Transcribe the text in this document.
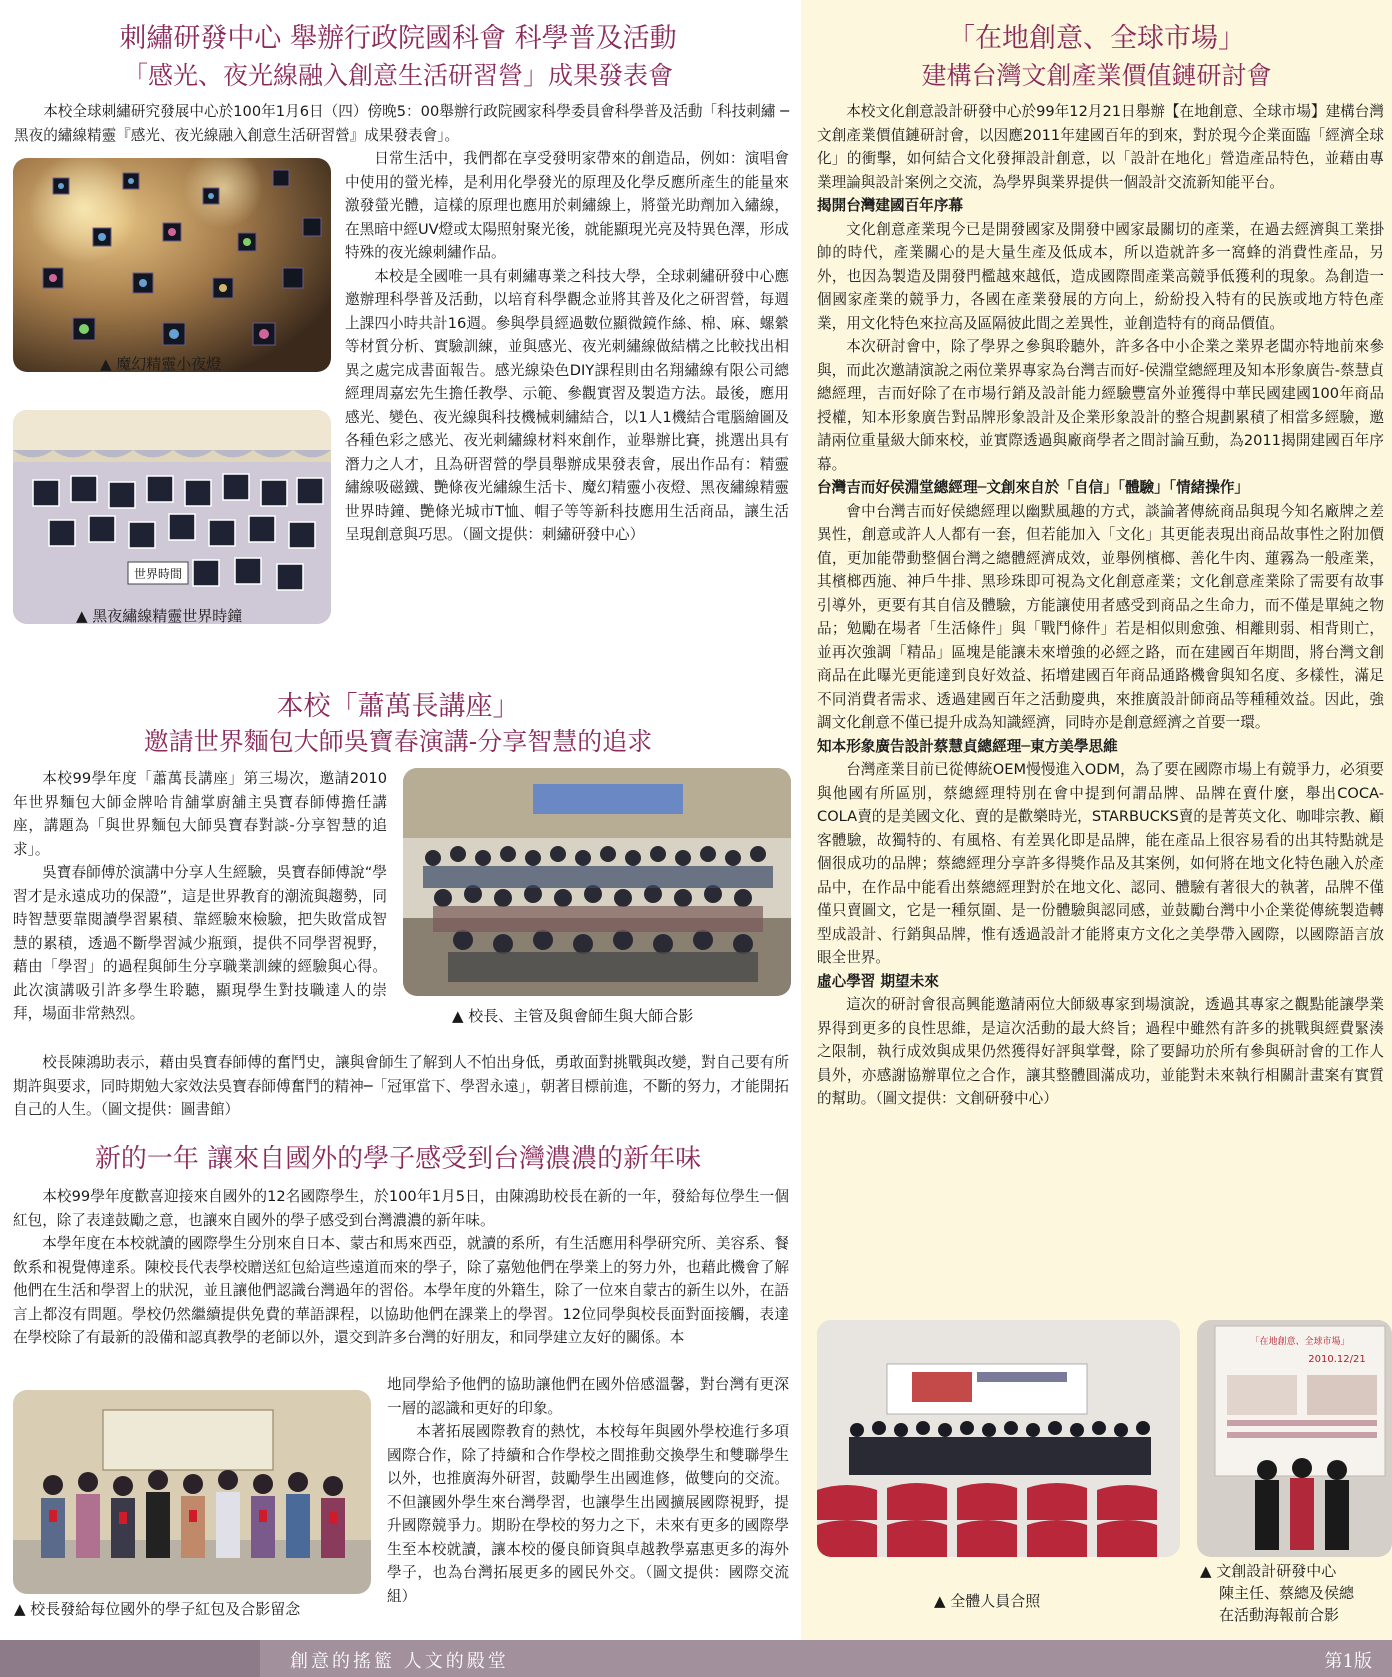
刺繡研發中心 舉辦行政院國科會 科學普及活動
「感光、夜光線融入創意生活研習營」成果發表會

本校全球刺繡研究發展中心於100年1月6日（四）傍晚5：00舉辦行政院國家科學委員會科學普及活動「科技刺繡 ─黑夜的繡線精靈『感光、夜光線融入創意生活研習營』成果發表會」。

▲ 魔幻精靈小夜燈
世界時間
▲ 黑夜繡線精靈世界時鐘

日常生活中，我們都在享受發明家帶來的創造品，例如：演唱會中使用的螢光棒，是利用化學發光的原理及化學反應所產生的能量來激發螢光體，這樣的原理也應用於刺繡線上，將螢光助劑加入繡線，在黑暗中經UV燈或太陽照射聚光後，就能顯現光亮及特異色澤，形成特殊的夜光線刺繡作品。

本校是全國唯一具有刺繡專業之科技大學，全球刺繡研發中心應邀辦理科學普及活動，以培育科學觀念並將其普及化之研習營，每週上課四小時共計16週。參與學員經過數位顯微鏡作絲、棉、麻、螺縈等材質分析、實驗訓練，並與感光、夜光刺繡線做結構之比較找出相異之處完成書面報告。感光線染色DIY課程則由名翔繡線有限公司總經理周嘉宏先生擔任教學、示範、參觀實習及製造方法。最後，應用感光、變色、夜光線與科技機械刺繡結合，以1人1機結合電腦繪圖及各種色彩之感光、夜光刺繡線材料來創作，並舉辦比賽，挑選出具有潛力之人才，且為研習營的學員舉辦成果發表會，展出作品有：精靈繡線吸磁鐵、艷條夜光繡線生活卡、魔幻精靈小夜燈、黑夜繡線精靈世界時鐘、艷條光城市T恤、帽子等等新科技應用生活商品，讓生活呈現創意與巧思。（圖文提供：刺繡研發中心）

本校「蕭萬長講座」
邀請世界麵包大師吳寶春演講-分享智慧的追求

本校99學年度「蕭萬長講座」第三場次，邀請2010年世界麵包大師金牌哈肯舖掌廚舖主吳寶春師傅擔任講座，講題為「與世界麵包大師吳寶春對談-分享智慧的追求」。

吳寶春師傅於演講中分享人生經驗，吳寶春師傅說“學習才是永遠成功的保證”，這是世界教育的潮流與趨勢，同時智慧要靠閱讀學習累積、靠經驗來檢驗，把失敗當成智慧的累積，透過不斷學習減少瓶頸，提供不同學習視野，藉由「學習」的過程與師生分享職業訓練的經驗與心得。此次演講吸引許多學生聆聽，顯現學生對技職達人的崇拜，場面非常熱烈。	▲ 校長、主管及與會師生與大師合影

校長陳鴻助表示，藉由吳寶春師傅的奮鬥史，讓與會師生了解到人不怕出身低，勇敢面對挑戰與改變，對自己要有所期許與要求，同時期勉大家效法吳寶春師傅奮鬥的精神─「冠軍當下、學習永遠」，朝著目標前進，不斷的努力，才能開拓自己的人生。（圖文提供：圖書館）

新的一年 讓來自國外的學子感受到台灣濃濃的新年味

本校99學年度歡喜迎接來自國外的12名國際學生，於100年1月5日，由陳鴻助校長在新的一年，發給每位學生一個紅包，除了表達鼓勵之意，也讓來自國外的學子感受到台灣濃濃的新年味。

本學年度在本校就讀的國際學生分別來自日本、蒙古和馬來西亞，就讀的系所，有生活應用科學研究所、美容系、餐飲系和視覺傳達系。陳校長代表學校贈送紅包給這些遠道而來的學子，除了嘉勉他們在學業上的努力外，也藉此機會了解他們在生活和學習上的狀況，並且讓他們認識台灣過年的習俗。本學年度的外籍生，除了一位來自蒙古的新生以外，在語言上都沒有問題。學校仍然繼續提供免費的華語課程，以協助他們在課業上的學習。12位同學與校長面對面接觸，表達在學校除了有最新的設備和認真教學的老師以外，還交到許多台灣的好朋友，和同學建立友好的關係。本

▲ 校長發給每位國外的學子紅包及合影留念

地同學給予他們的協助讓他們在國外倍感溫馨，對台灣有更深一層的認識和更好的印象。

本著拓展國際教育的熱忱，本校每年與國外學校進行多項國際合作，除了持續和合作學校之間推動交換學生和雙聯學生以外，也推廣海外研習，鼓勵學生出國進修，做雙向的交流。不但讓國外學生來台灣學習，也讓學生出國擴展國際視野，提升國際競爭力。期盼在學校的努力之下，未來有更多的國際學生至本校就讀，讓本校的優良師資與卓越教學嘉惠更多的海外學子，也為台灣拓展更多的國民外交。（圖文提供：國際交流組）

「在地創意、全球市場」
建構台灣文創產業價值鏈研討會

本校文化創意設計研發中心於99年12月21日舉辦【在地創意、全球市場】建構台灣文創產業價值鏈研討會，以因應2011年建國百年的到來，對於現今企業面臨「經濟全球化」的衝擊，如何結合文化發揮設計創意，以「設計在地化」營造產品特色，並藉由專業理論與設計案例之交流，為學界與業界提供一個設計交流新知能平台。

揭開台灣建國百年序幕

文化創意產業現今已是開發國家及開發中國家最關切的產業，在過去經濟與工業掛帥的時代，產業關心的是大量生產及低成本，所以造就許多一窩蜂的消費性產品，另外，也因為製造及開發門檻越來越低，造成國際間產業高競爭低獲利的現象。為創造一個國家產業的競爭力，各國在產業發展的方向上，紛紛投入特有的民族或地方特色產業，用文化特色來拉高及區隔彼此間之差異性，並創造特有的商品價值。

本次研討會中，除了學界之參與聆聽外，許多各中小企業之業界老闆亦特地前來參與，而此次邀請演說之兩位業界專家為台灣吉而好-侯淵堂總經理及知本形象廣告-蔡慧貞總經理，吉而好除了在市場行銷及設計能力經驗豐富外並獲得中華民國建國100年商品授權，知本形象廣告對品牌形象設計及企業形象設計的整合規劃累積了相當多經驗，邀請兩位重量級大師來校，並實際透過與廠商學者之間討論互動，為2011揭開建國百年序幕。

台灣吉而好侯淵堂總經理─文創來自於「自信」「體驗」「情緒操作」

會中台灣吉而好侯總經理以幽默風趣的方式，談論著傳統商品與現今知名廠牌之差異性，創意或許人人都有一套，但若能加入「文化」其更能表現出商品故事性之附加價值，更加能帶動整個台灣之總體經濟成效，並舉例檳榔、善化牛肉、蓮霧為一般產業，其檳榔西施、神戶牛排、黑珍珠即可視為文化創意產業；文化創意產業除了需要有故事引導外，更要有其自信及體驗，方能讓使用者感受到商品之生命力，而不僅是單純之物品；勉勵在場者「生活條件」與「戰鬥條件」若是相似則愈強、相離則弱、相背則亡，並再次強調「精品」區塊是能讓未來增強的必經之路，而在建國百年期間，將台灣文創商品在此曝光更能達到良好效益、拓增建國百年商品通路機會與知名度、多樣性，滿足不同消費者需求、透過建國百年之活動慶典，來推廣設計師商品等種種效益。因此，強調文化創意不僅已提升成為知識經濟，同時亦是創意經濟之首要一環。

知本形象廣告設計蔡慧貞總經理─東方美學思維

台灣產業目前已從傳統OEM慢慢進入ODM，為了要在國際市場上有競爭力，必須要與他國有所區別，蔡總經理特別在會中提到何謂品牌、品牌在賣什麼，舉出COCA-COLA賣的是美國文化、賣的是歡樂時光，STARBUCKS賣的是菁英文化、咖啡宗教、顧客體驗，故獨特的、有風格、有差異化即是品牌，能在產品上很容易看的出其特點就是個很成功的品牌；蔡總經理分享許多得獎作品及其案例，如何將在地文化特色融入於產品中，在作品中能看出蔡總經理對於在地文化、認同、體驗有著很大的執著，品牌不僅僅只賣圖文，它是一種氛圍、是一份體驗與認同感，並鼓勵台灣中小企業從傳統製造轉型成設計、行銷與品牌，惟有透過設計才能將東方文化之美學帶入國際，以國際語言放眼全世界。

虛心學習 期望未來

這次的研討會很高興能邀請兩位大師級專家到場演說，透過其專家之觀點能讓學業界得到更多的良性思維，是這次活動的最大終旨；過程中雖然有許多的挑戰與經費緊湊之限制，執行成效與成果仍然獲得好評與掌聲，除了要歸功於所有參與研討會的工作人員外，亦感謝協辦單位之合作，讓其整體圓滿成功，並能對未來執行相關計畫案有實質的幫助。（圖文提供：文創研發中心）

▲ 全體人員合照
「在地創意、全球市場」
2010.12/21
▲ 文創設計研發中心
陳主任、蔡總及侯總
在活動海報前合影
創意的搖籃 人文的殿堂	第1版
